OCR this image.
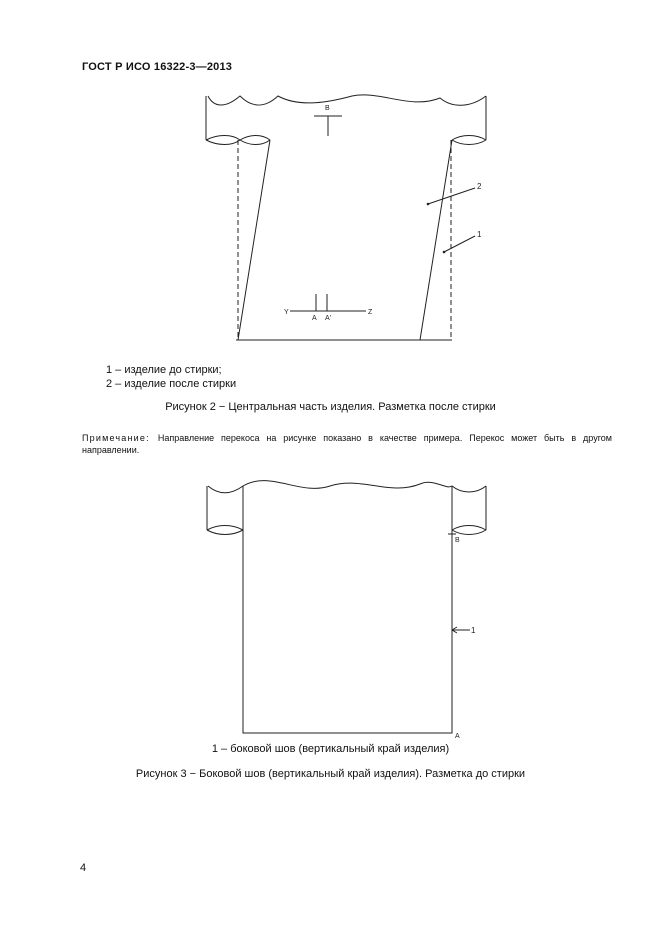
ГОСТ Р ИСО 16322-3—2013
B
Y	Z
A A'
2
1
1 – изделие до стирки;
2 – изделие после стирки
Рисунок 2 − Центральная часть изделия. Разметка после стирки
Примечание: Направление перекоса на рисунке показано в качестве примера. Перекос может быть в другом направлении.
B
A
1
1 – боковой шов (вертикальный край изделия)
Рисунок 3 − Боковой шов (вертикальный край изделия). Разметка до стирки
4
